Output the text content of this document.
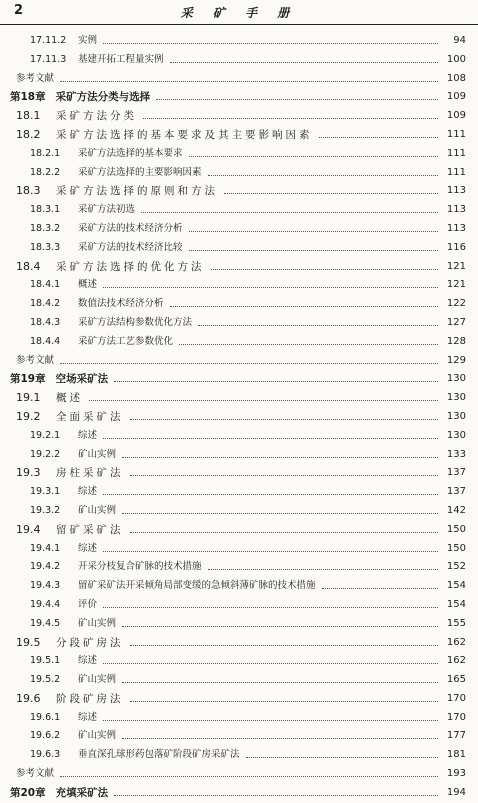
2	采 矿 手 册
17.11.2	实例	94
17.11.3	基建开拓工程量实例	100
参考文献	108
第18章 采矿方法分类与选择	109
18.1	采矿方法分类	109
18.2	采矿方法选择的基本要求及其主要影响因素	111
18.2.1	采矿方法选择的基本要求	111
18.2.2	采矿方法选择的主要影响因素	111
18.3	采矿方法选择的原则和方法	113
18.3.1	采矿方法初选	113
18.3.2	采矿方法的技术经济分析	113
18.3.3	采矿方法的技术经济比较	116
18.4	采矿方法选择的优化方法	121
18.4.1	概述	121
18.4.2	数值法技术经济分析	122
18.4.3	采矿方法结构参数优化方法	127
18.4.4	采矿方法工艺参数优化	128
参考文献	129
第19章 空场采矿法	130
19.1	概述	130
19.2	全面采矿法	130
19.2.1	综述	130
19.2.2	矿山实例	133
19.3	房柱采矿法	137
19.3.1	综述	137
19.3.2	矿山实例	142
19.4	留矿采矿法	150
19.4.1	综述	150
19.4.2	开采分枝复合矿脉的技术措施	152
19.4.3	留矿采矿法开采倾角局部变缓的急倾斜薄矿脉的技术措施	154
19.4.4	评价	154
19.4.5	矿山实例	155
19.5	分段矿房法	162
19.5.1	综述	162
19.5.2	矿山实例	165
19.6	阶段矿房法	170
19.6.1	综述	170
19.6.2	矿山实例	177
19.6.3	垂直深孔球形药包落矿阶段矿房采矿法	181
参考文献	193
第20章 充填采矿法	194
